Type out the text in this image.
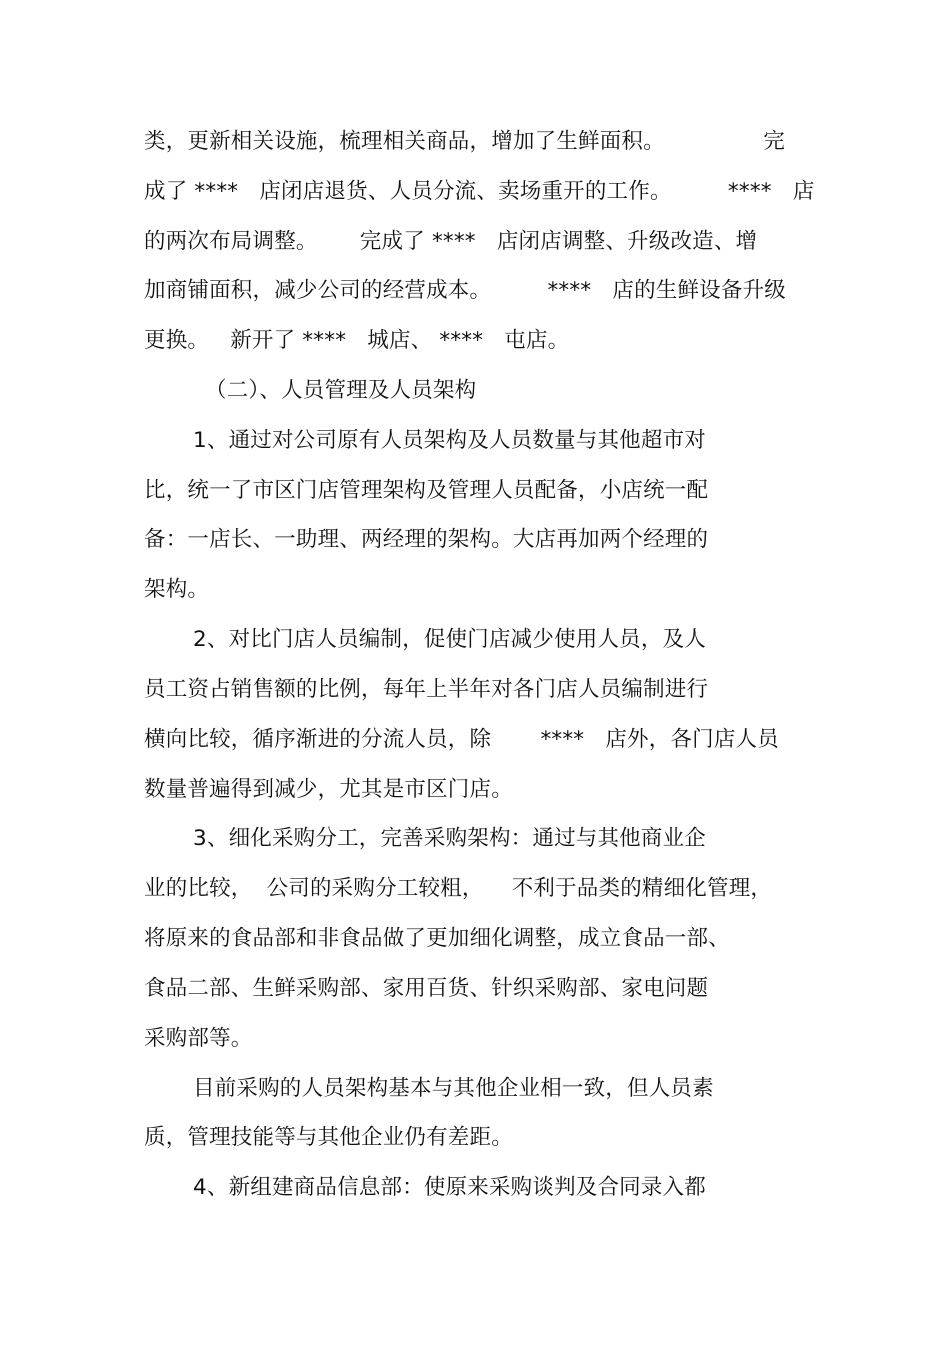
类，更新相关设施，梳理相关商品，增加了生鲜面积。              完
成了 ****   店闭店退货、人员分流、卖场重开的工作。        ****   店
的两次布局调整。      完成了 ****   店闭店调整、升级改造、增
加商铺面积，减少公司的经营成本。        ****   店的生鲜设备升级
更换。   新开了 ****   城店、 ****   屯店。
（二）、人员管理及人员架构
1、通过对公司原有人员架构及人员数量与其他超市对
比，统一了市区门店管理架构及管理人员配备，小店统一配
备：一店长、一助理、两经理的架构。大店再加两个经理的
架构。
2、对比门店人员编制，促使门店减少使用人员，及人
员工资占销售额的比例，每年上半年对各门店人员编制进行
横向比较，循序渐进的分流人员，除       ****   店外，各门店人员
数量普遍得到减少，尤其是市区门店。
3、细化采购分工，完善采购架构：通过与其他商业企
业的比较，  公司的采购分工较粗，    不利于品类的精细化管理，
将原来的食品部和非食品做了更加细化调整，成立食品一部、
食品二部、生鲜采购部、家用百货、针织采购部、家电问题
采购部等。
目前采购的人员架构基本与其他企业相一致，但人员素
质，管理技能等与其他企业仍有差距。
4、新组建商品信息部：使原来采购谈判及合同录入都
